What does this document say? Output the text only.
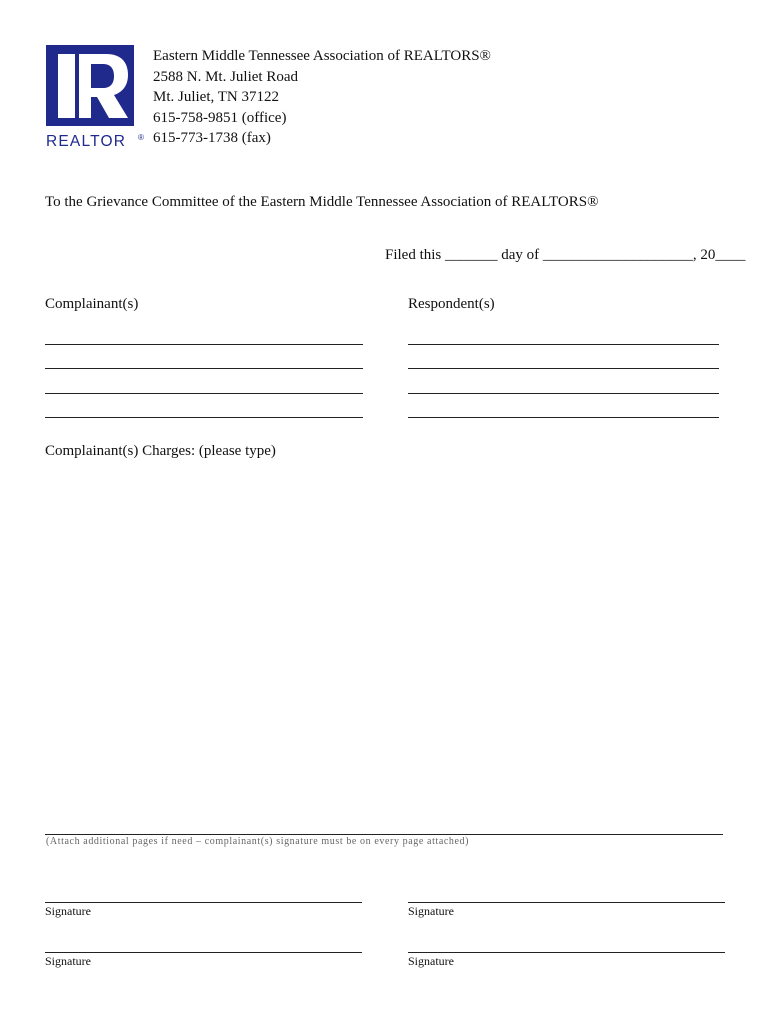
REALTOR ®
Eastern Middle Tennessee Association of REALTORS®
2588 N. Mt. Juliet Road
Mt. Juliet, TN 37122
615-758-9851 (office)
615-773-1738 (fax)
To the Grievance Committee of the Eastern Middle Tennessee Association of REALTORS®
Filed this _______ day of ____________________, 20____
Complainant(s)	Respondent(s)
Complainant(s) Charges: (please type)
(Attach additional pages if need – complainant(s) signature must be on every page attached)
Signature	Signature
Signature	Signature
